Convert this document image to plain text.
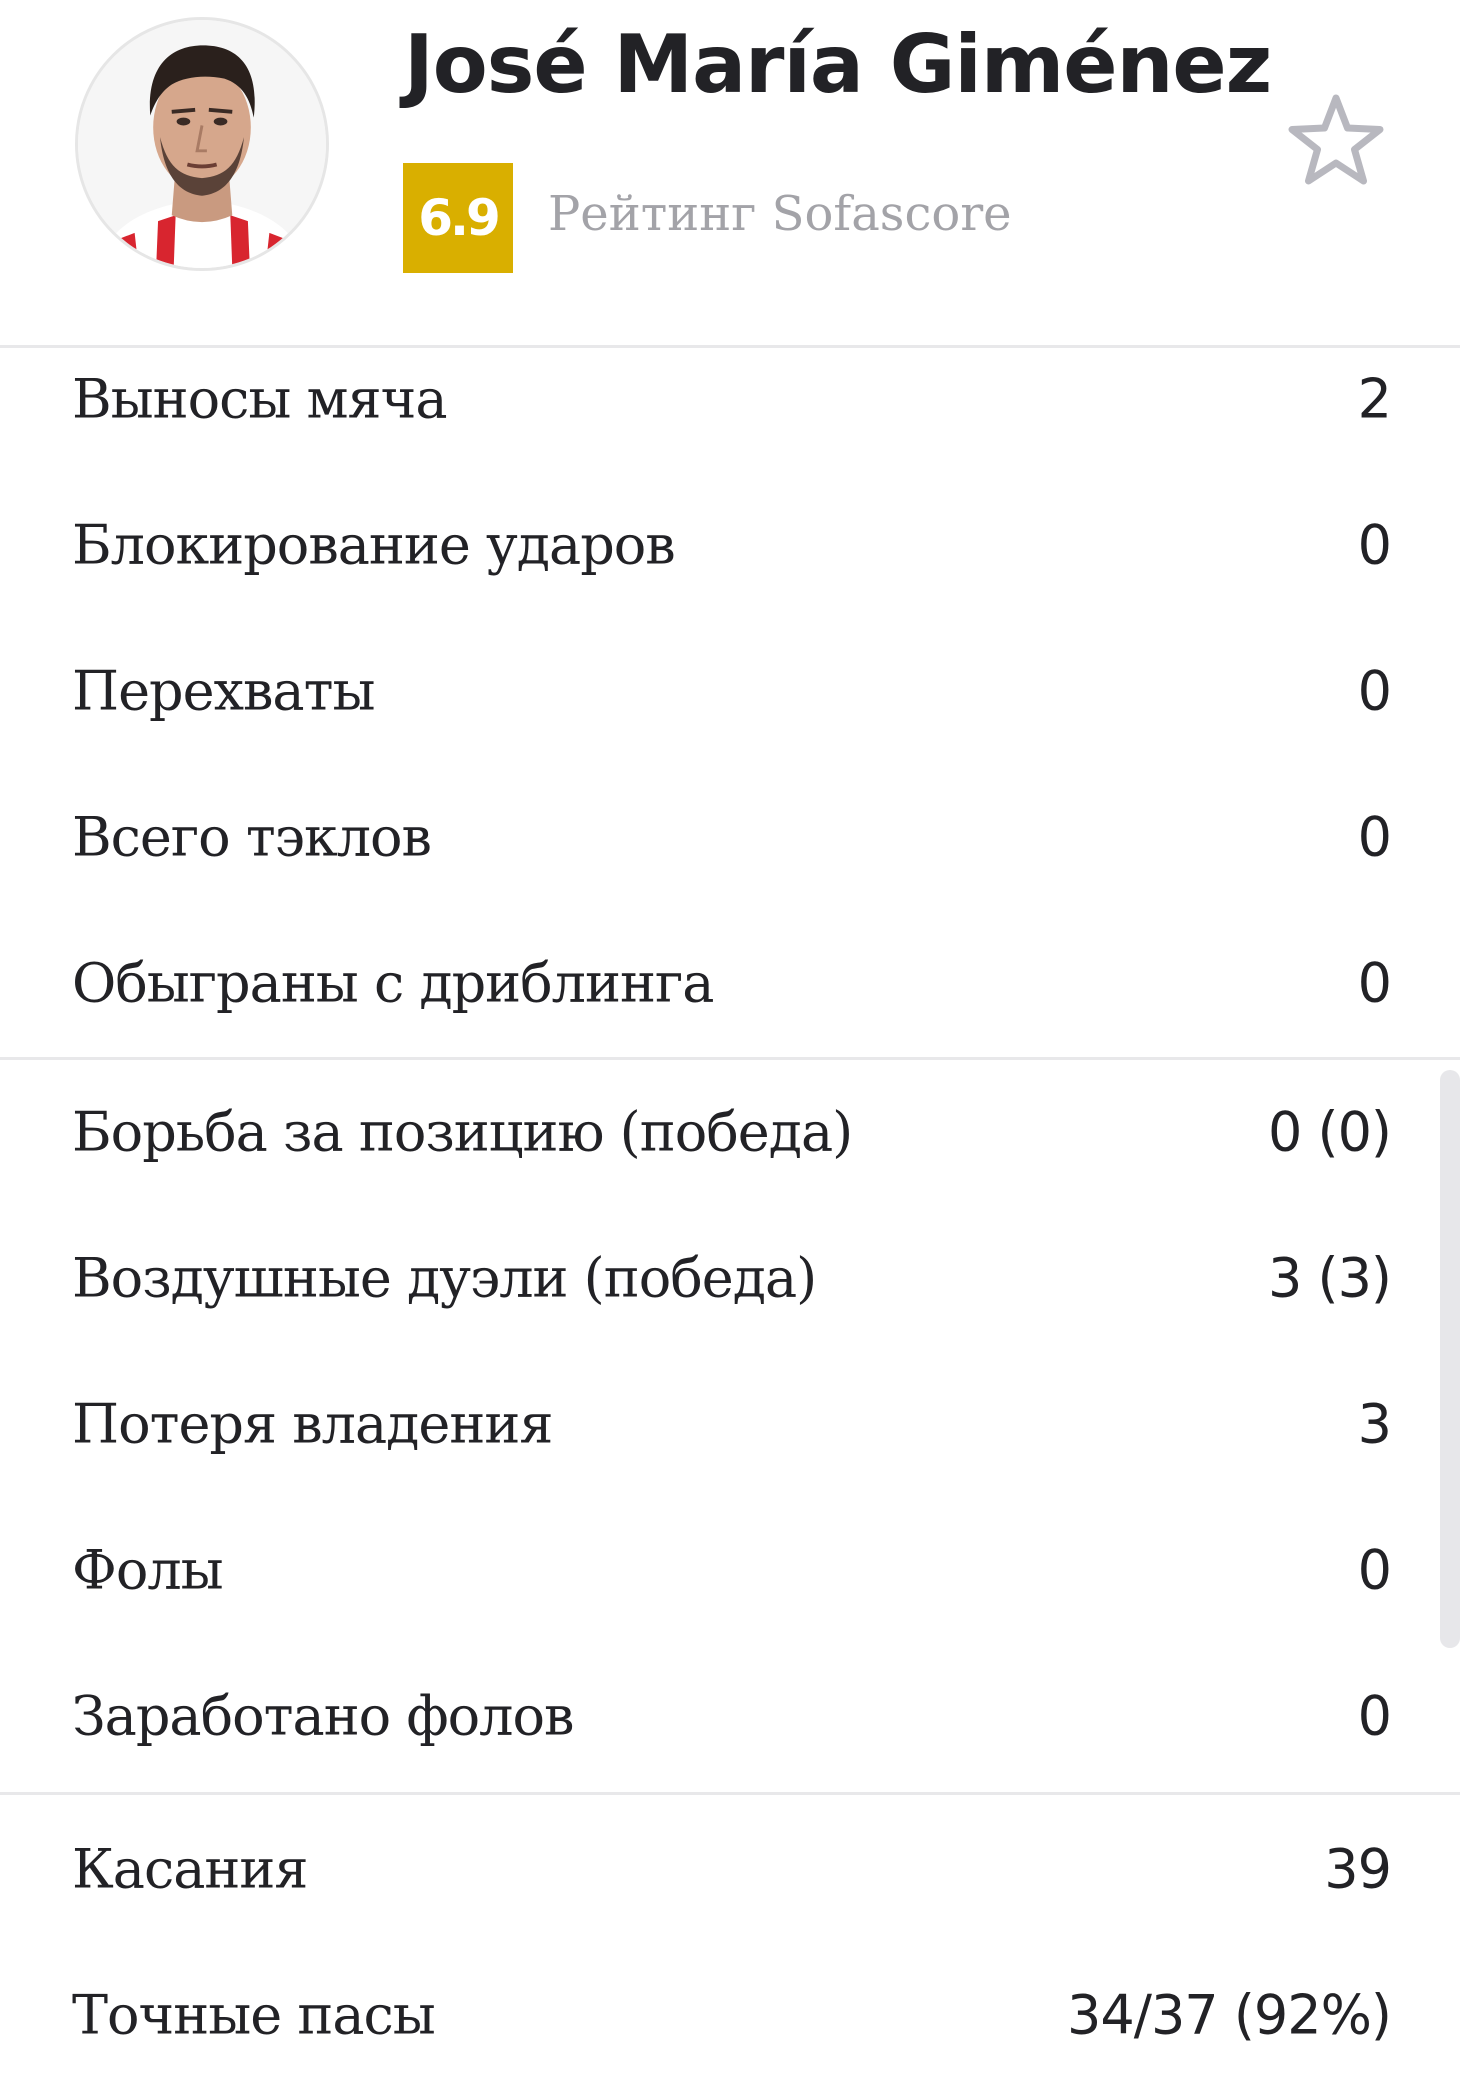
José María Giménez
6.9	Рейтинг Sofascore
Выносы мяча	2
Блокирование ударов	0
Перехваты	0
Всего тэклов	0
Обыграны с дриблинга	0
Борьба за позицию (победа)	0 (0)
Воздушные дуэли (победа)	3 (3)
Потеря владения	3
Фолы	0
Заработано фолов	0
Касания	39
Точные пасы	34/37 (92%)
